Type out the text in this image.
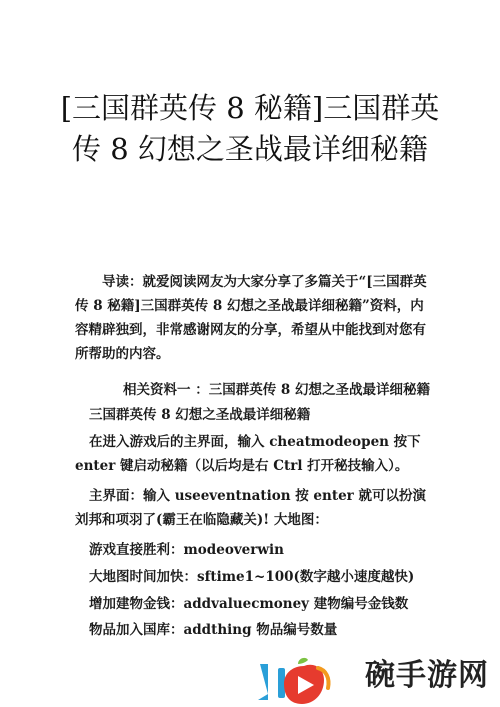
[三国群英传 8 秘籍]三国群英传 8 幻想之圣战最详细秘籍

导读：就爱阅读网友为大家分享了多篇关于“[三国群英传 8 秘籍]三国群英传 8 幻想之圣战最详细秘籍”资料，内容精辟独到，非常感谢网友的分享，希望从中能找到对您有所帮助的内容。

相关资料一 ：三国群英传 8 幻想之圣战最详细秘籍

三国群英传 8 幻想之圣战最详细秘籍

在进入游戏后的主界面，输入 cheatmodeopen 按下 enter 键启动秘籍（以后均是右 Ctrl 打开秘技输入）。

主界面：输入 useeventnation 按 enter 就可以扮演刘邦和项羽了(霸王在临隐藏关)! 大地图：

游戏直接胜利：modeoverwin

大地图时间加快：sftime1~100(数字越小速度越快)

增加建物金钱：addvaluecmoney 建物编号金钱数

物品加入国库：addthing 物品编号数量

碗手游网
